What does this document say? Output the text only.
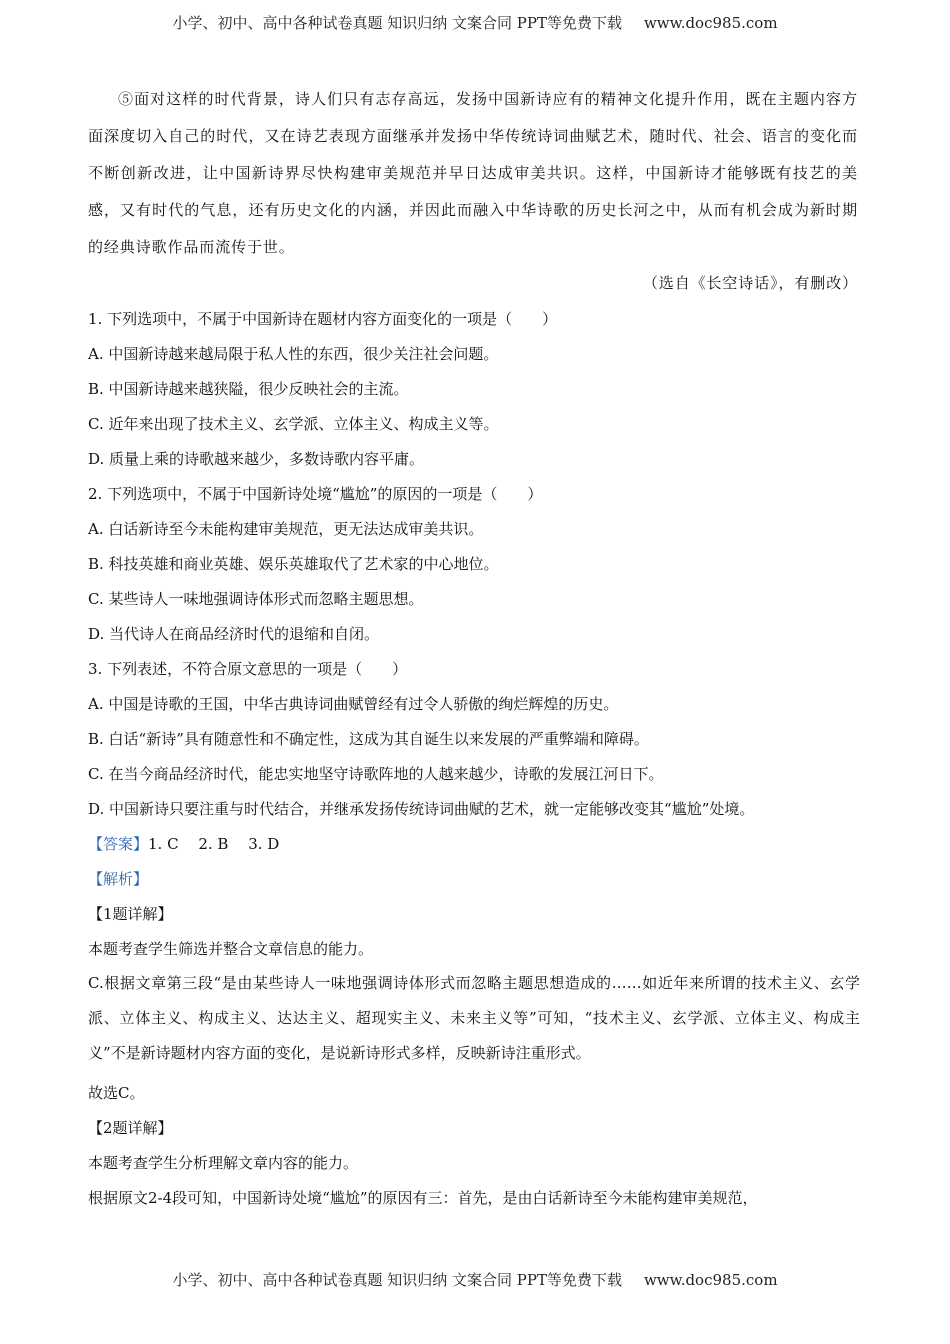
小学、初中、高中各种试卷真题 知识归纳 文案合同 PPT等免费下载 www.doc985.com
⑤面对这样的时代背景，诗人们只有志存高远，发扬中国新诗应有的精神文化提升作用，既在主题内容方面深度切入自己的时代，又在诗艺表现方面继承并发扬中华传统诗词曲赋艺术，随时代、社会、语言的变化而不断创新改进，让中国新诗界尽快构建审美规范并早日达成审美共识。这样，中国新诗才能够既有技艺的美感，又有时代的气息，还有历史文化的内涵，并因此而融入中华诗歌的历史长河之中，从而有机会成为新时期的经典诗歌作品而流传于世。
（选自《长空诗话》，有删改）
1. 下列选项中，不属于中国新诗在题材内容方面变化的一项是（　　）
A. 中国新诗越来越局限于私人性的东西，很少关注社会问题。
B. 中国新诗越来越狭隘，很少反映社会的主流。
C. 近年来出现了技术主义、玄学派、立体主义、构成主义等。
D. 质量上乘的诗歌越来越少，多数诗歌内容平庸。
2. 下列选项中，不属于中国新诗处境“尴尬”的原因的一项是（　　）
A. 白话新诗至今未能构建审美规范，更无法达成审美共识。
B. 科技英雄和商业英雄、娱乐英雄取代了艺术家的中心地位。
C. 某些诗人一味地强调诗体形式而忽略主题思想。
D. 当代诗人在商品经济时代的退缩和自闭。
3. 下列表述，不符合原文意思的一项是（　　）
A. 中国是诗歌的王国，中华古典诗词曲赋曾经有过令人骄傲的绚烂辉煌的历史。
B. 白话“新诗”具有随意性和不确定性，这成为其自诞生以来发展的严重弊端和障碍。
C. 在当今商品经济时代，能忠实地坚守诗歌阵地的人越来越少，诗歌的发展江河日下。
D. 中国新诗只要注重与时代结合，并继承发扬传统诗词曲赋的艺术，就一定能够改变其“尴尬”处境。
【答案】1. C　 2. B　 3. D
【解析】
【1题详解】
本题考查学生筛选并整合文章信息的能力。
C.根据文章第三段“是由某些诗人一味地强调诗体形式而忽略主题思想造成的……如近年来所谓的技术主义、玄学派、立体主义、构成主义、达达主义、超现实主义、未来主义等”可知，“技术主义、玄学派、立体主义、构成主义”不是新诗题材内容方面的变化，是说新诗形式多样，反映新诗注重形式。
故选C。
【2题详解】
本题考查学生分析理解文章内容的能力。
根据原文2-4段可知，中国新诗处境“尴尬”的原因有三：首先，是由白话新诗至今未能构建审美规范，
小学、初中、高中各种试卷真题 知识归纳 文案合同 PPT等免费下载 www.doc985.com
